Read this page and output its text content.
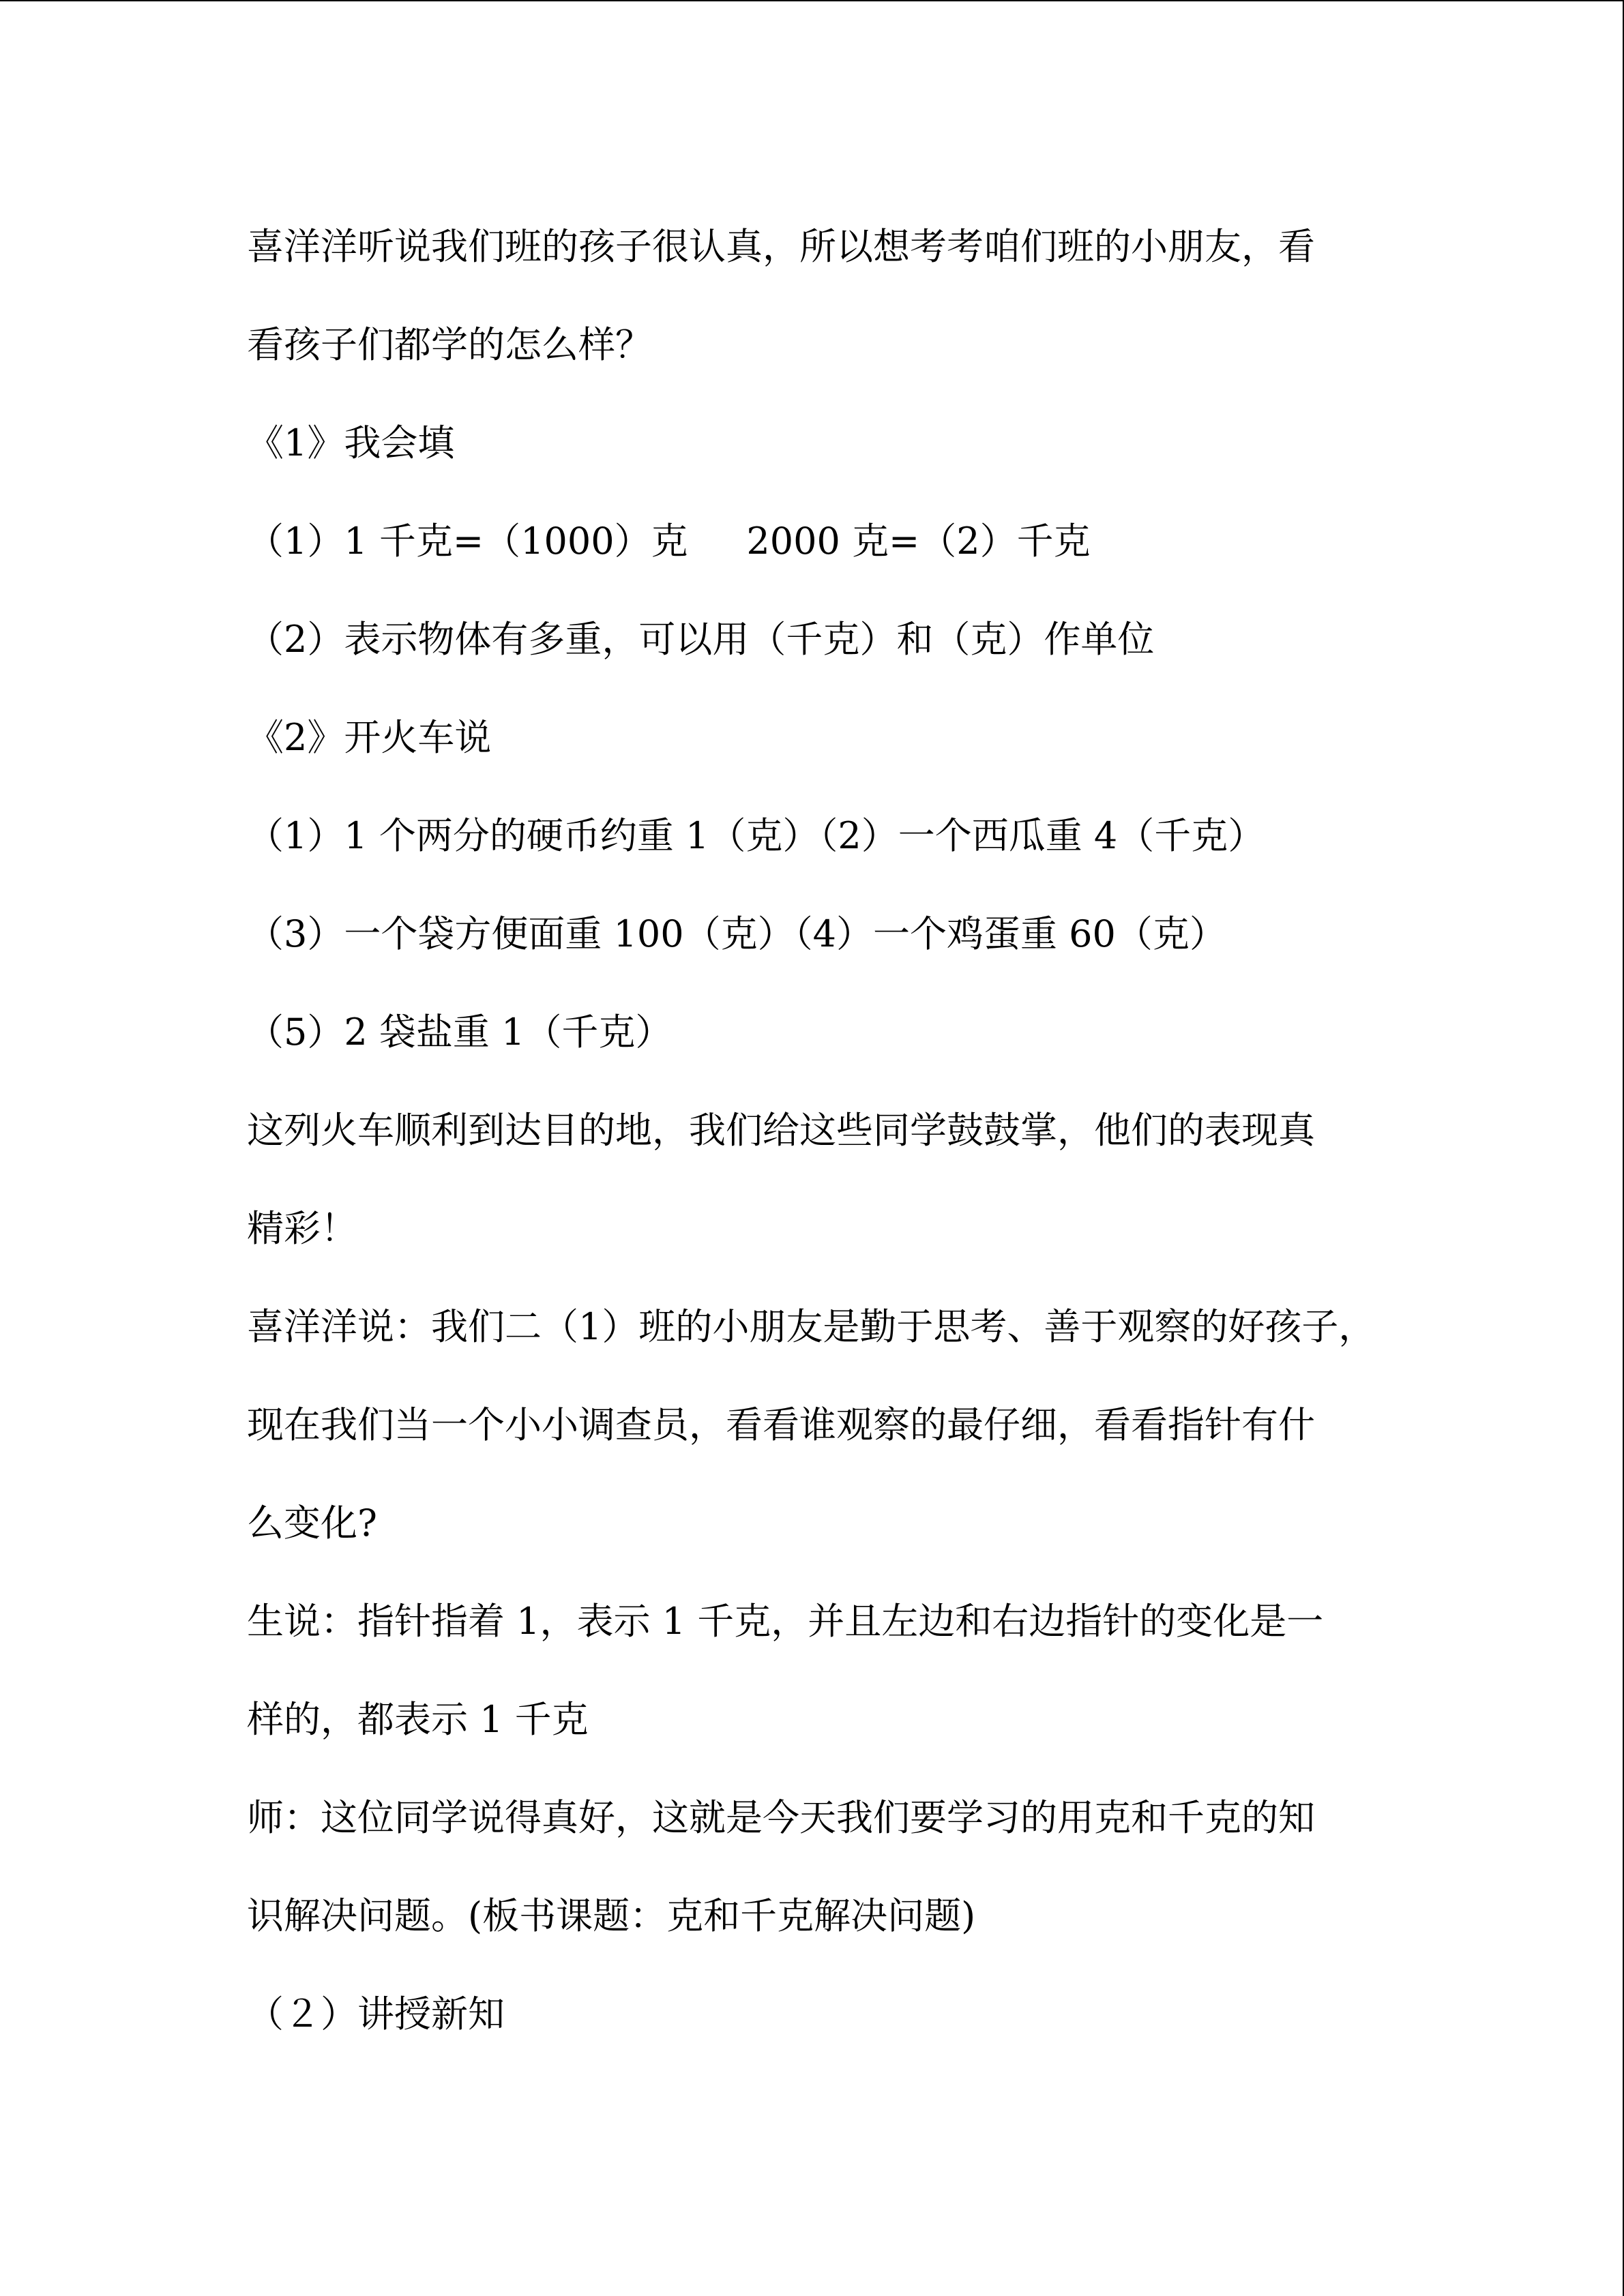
喜洋洋听说我们班的孩子很认真，所以想考考咱们班的小朋友，看
看孩子们都学的怎么样？
《1》我会填
（1）1 千克=（1000）克     2000 克=（2）千克
（2）表示物体有多重，可以用（千克）和（克）作单位
《2》开火车说
（1）1 个两分的硬币约重 1（克）（2）一个西瓜重 4（千克）
（3）一个袋方便面重 100（克）（4）一个鸡蛋重 60（克）
（5）2 袋盐重 1（千克）
这列火车顺利到达目的地，我们给这些同学鼓鼓掌，他们的表现真
精彩！
喜洋洋说：我们二（1）班的小朋友是勤于思考、善于观察的好孩子，
现在我们当一个小小调查员，看看谁观察的最仔细，看看指针有什
么变化?
生说：指针指着 1，表示 1 千克，并且左边和右边指针的变化是一
样的，都表示 1 千克
师：这位同学说得真好，这就是今天我们要学习的用克和千克的知
识解决问题。(板书课题：克和千克解决问题)
（２）讲授新知
